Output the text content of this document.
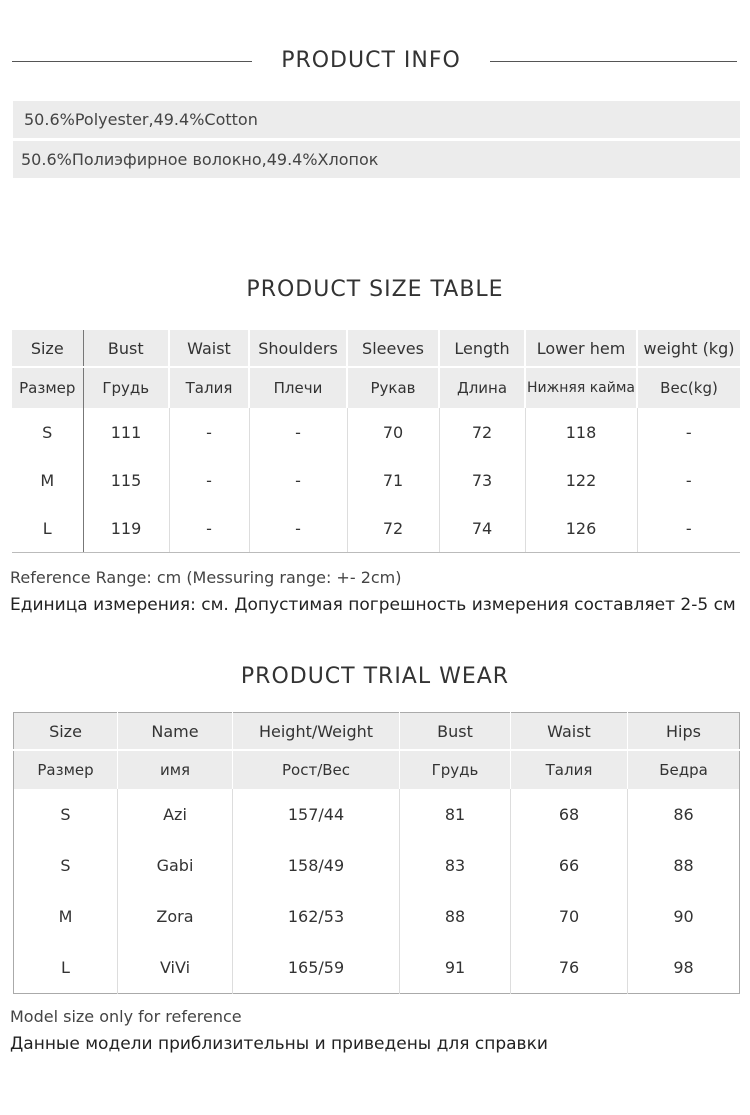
PRODUCT INFO
50.6%Polyester,49.4%Cotton
50.6%Полиэфирное волокно,49.4%Хлопок
PRODUCT SIZE TABLE
Size	Bust	Waist	Shoulders	Sleeves	Length	Lower hem	weight (kg)
Размер	Грудь	Талия	Плечи	Рукав	Длина	Нижняя кайма	Вес(kg)
S	111	-	-	70	72	118	-
M	115	-	-	71	73	122	-
L	119	-	-	72	74	126	-
Reference Range: cm (Messuring range: +- 2cm)
Единица измерения: см. Допустимая погрешность измерения составляет 2-5 см
PRODUCT TRIAL WEAR
Size	Name	Height/Weight	Bust	Waist	Hips
Размер	имя	Рост/Вес	Грудь	Талия	Бедра
S	Azi	157/44	81	68	86
S	Gabi	158/49	83	66	88
M	Zora	162/53	88	70	90
L	ViVi	165/59	91	76	98
Model size only for reference
Данные модели приблизительны и приведены для справки
